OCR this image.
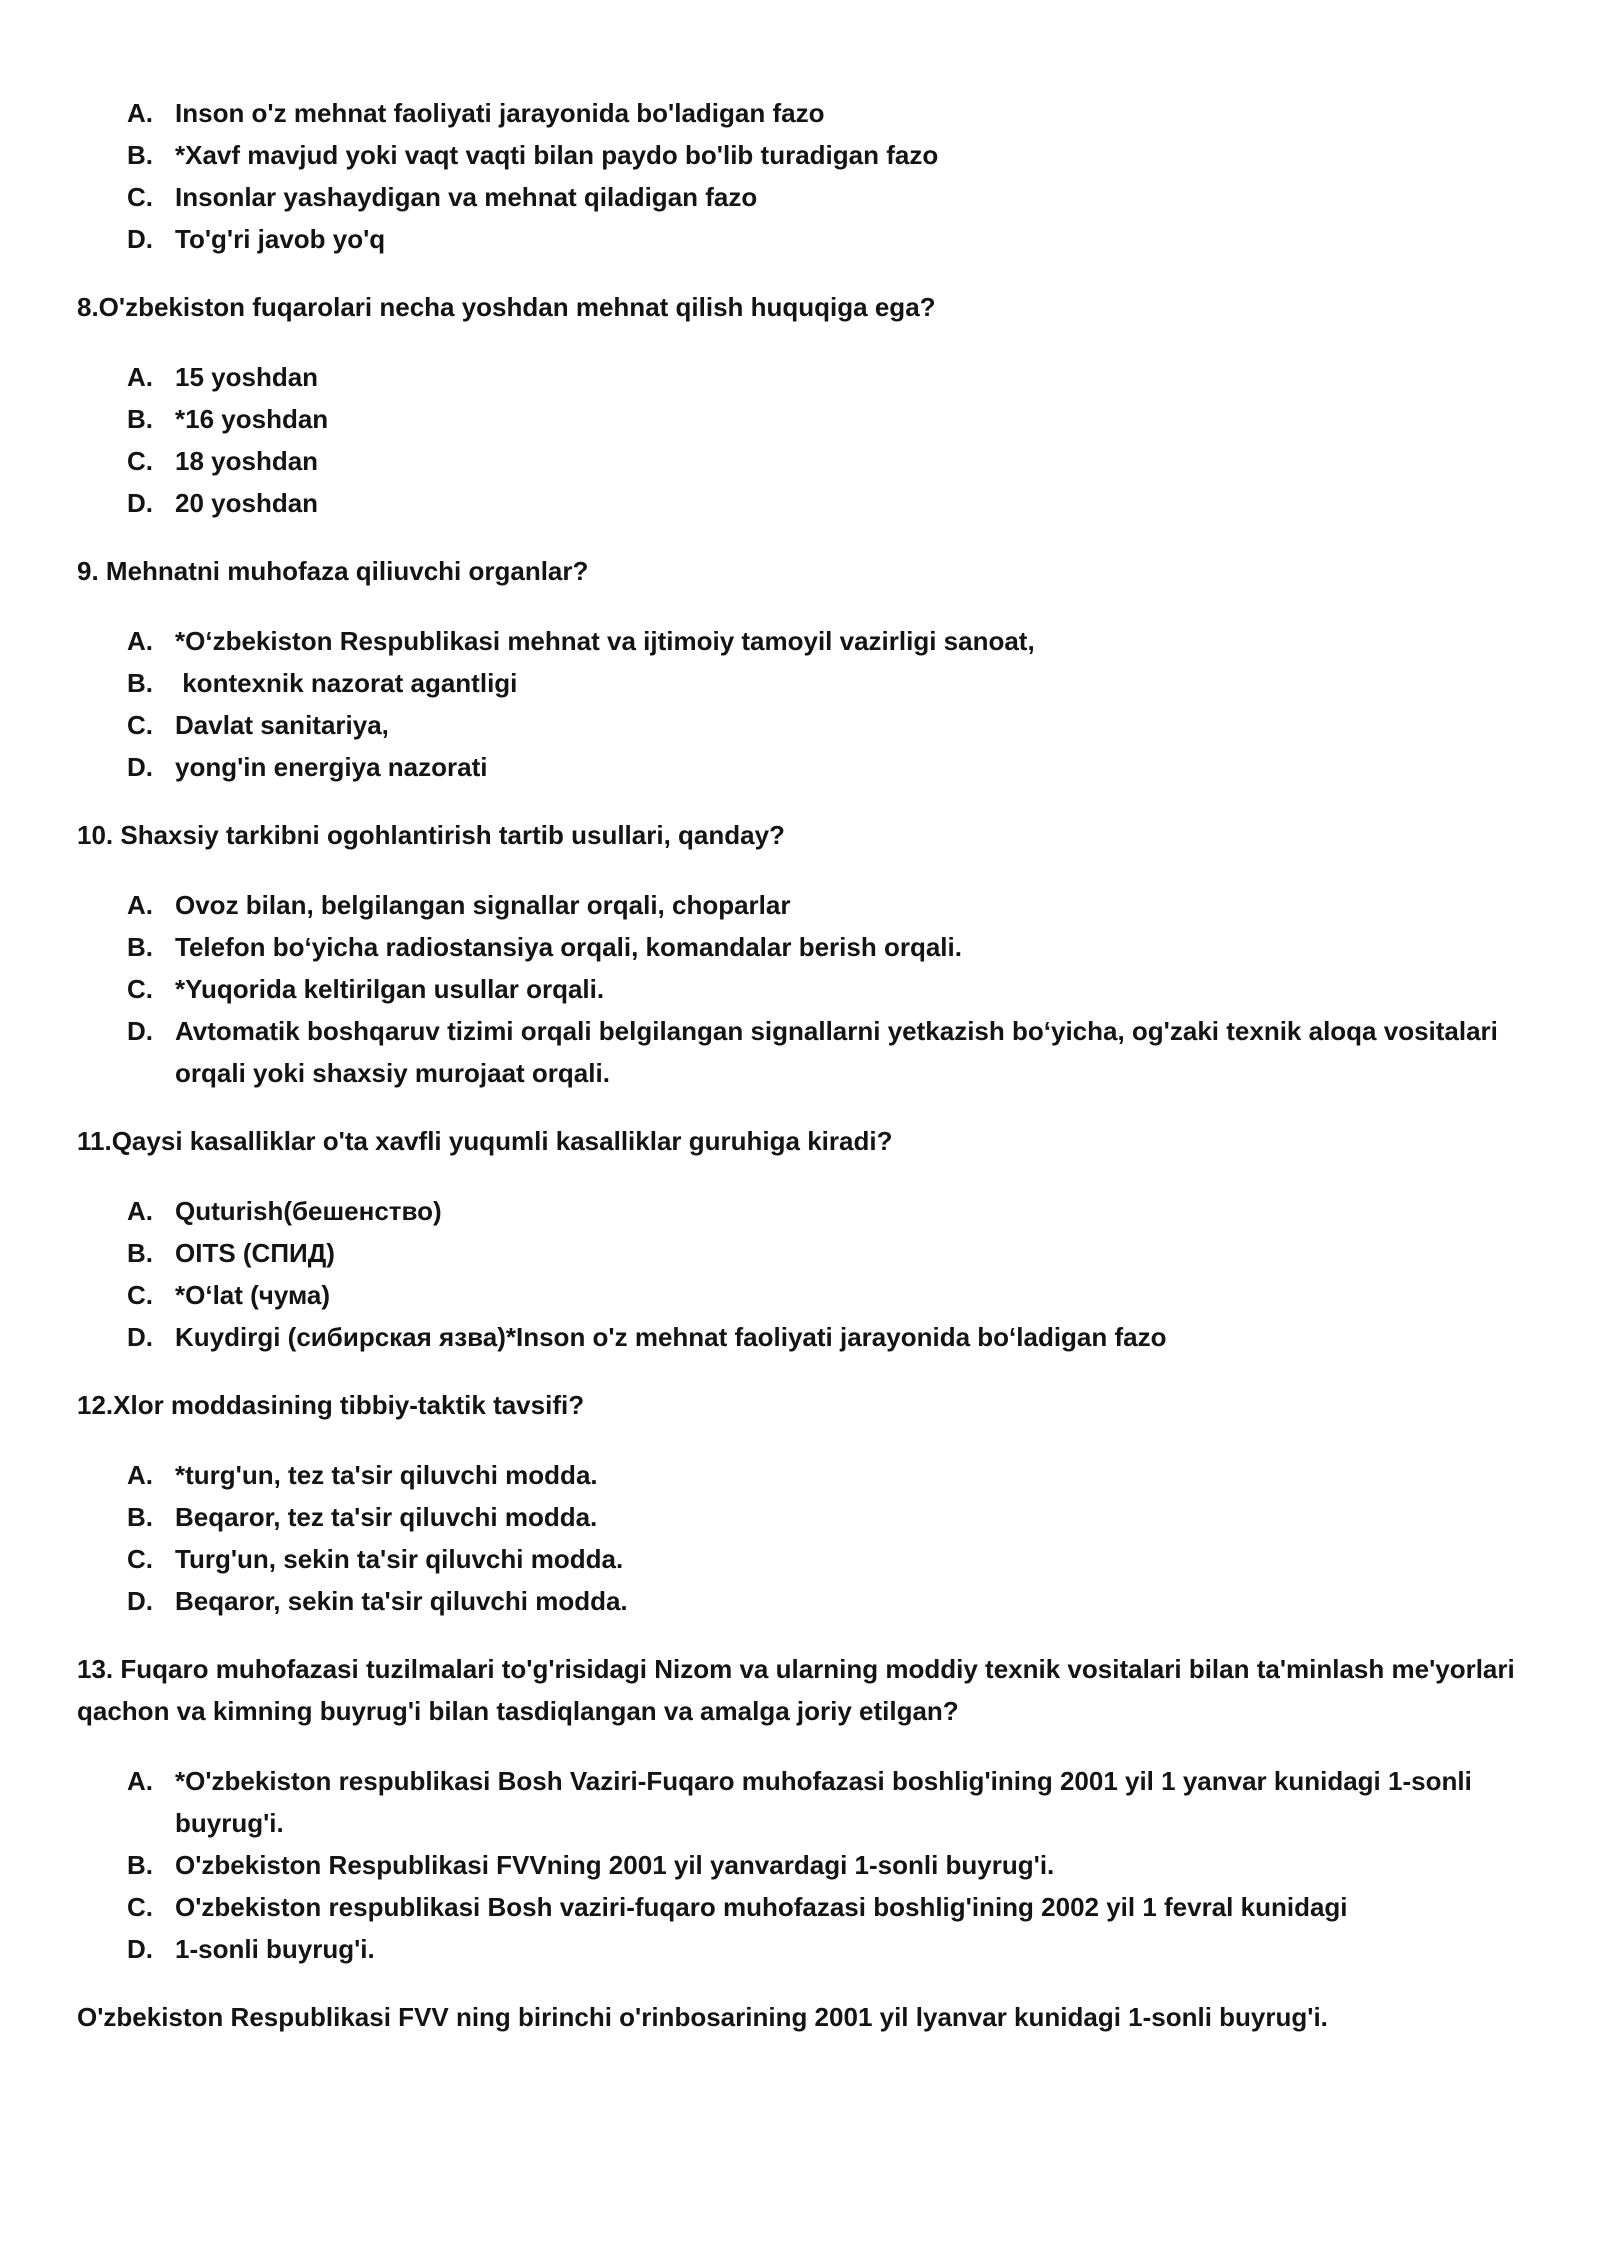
A. Inson o'z mehnat faoliyati jarayonida bo'ladigan fazo
B. *Xavf mavjud yoki vaqt vaqti bilan paydo bo'lib turadigan fazo
C. Insonlar yashaydigan va mehnat qiladigan fazo
D. To'g'ri javob yo'q
8.O'zbekiston fuqarolari necha yoshdan mehnat qilish huquqiga ega?
A. 15 yoshdan
B. *16 yoshdan
C. 18 yoshdan
D. 20 yoshdan
9. Mehnatni muhofaza qiliuvchi organlar?
A. *O‘zbekiston Respublikasi mehnat va ijtimoiy tamoyil vazirligi sanoat,
B. kontexnik nazorat agantligi
C. Davlat sanitariya,
D. yong'in energiya nazorati
10. Shaxsiy tarkibni ogohlantirish tartib usullari, qanday?
A. Ovoz bilan, belgilangan signallar orqali, choparlar
B. Telefon bo‘yicha radiostansiya orqali, komandalar berish orqali.
C. *Yuqorida keltirilgan usullar orqali.
D. Avtomatik boshqaruv tizimi orqali belgilangan signallarni yetkazish bo‘yicha, og'zaki texnik aloqa vositalari
orqali yoki shaxsiy murojaat orqali.
11.Qaysi kasalliklar o'ta xavfli yuqumli kasalliklar guruhiga kiradi?
A. Quturish(бешенство)
B. OITS (СПИД)
C. *O‘lat (чума)
D. Kuydirgi (сибирская язва)*Inson o'z mehnat faoliyati jarayonida bo‘ladigan fazo
12.Xlor moddasining tibbiy-taktik tavsifi?
A. *turg'un, tez ta'sir qiluvchi modda.
B. Beqaror, tez ta'sir qiluvchi modda.
C. Turg'un, sekin ta'sir qiluvchi modda.
D. Beqaror, sekin ta'sir qiluvchi modda.
13. Fuqaro muhofazasi tuzilmalari to'g'risidagi Nizom va ularning moddiy texnik vositalari bilan ta'minlash me'yorlari
qachon va kimning buyrug'i bilan tasdiqlangan va amalga joriy etilgan?
A. *O'zbekiston respublikasi Bosh Vaziri-Fuqaro muhofazasi boshlig'ining 2001 yil 1 yanvar kunidagi 1-sonli
buyrug'i.
B. O'zbekiston Respublikasi FVVning 2001 yil yanvardagi 1-sonli buyrug'i.
C. O'zbekiston respublikasi Bosh vaziri-fuqaro muhofazasi boshlig'ining 2002 yil 1 fevral kunidagi
D. 1-sonli buyrug'i.
O'zbekiston Respublikasi FVV ning birinchi o'rinbosarining 2001 yil lyanvar kunidagi 1-sonli buyrug'i.
